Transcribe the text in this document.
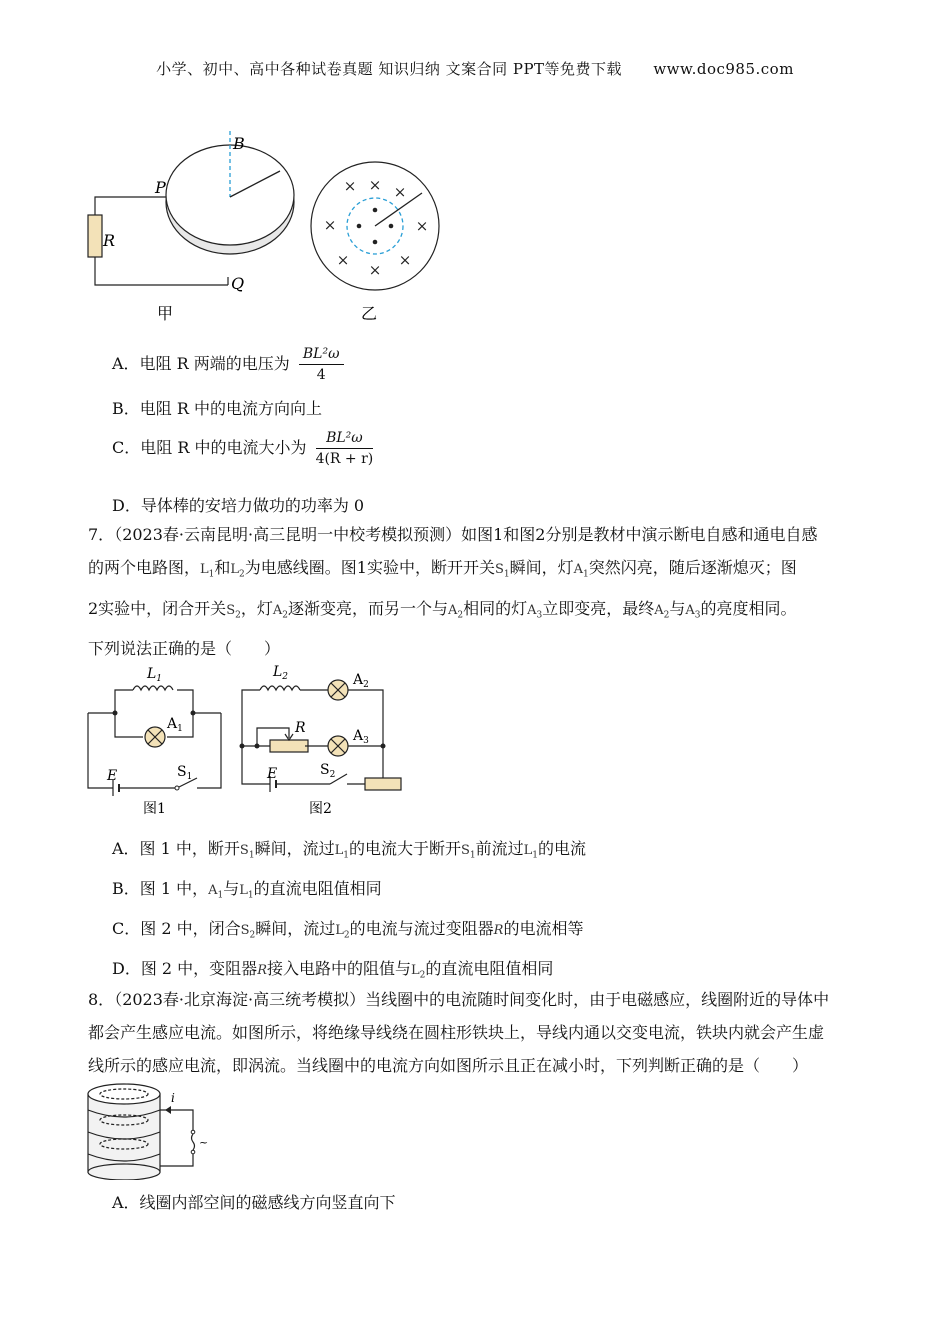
小学、初中、高中各种试卷真题 知识归纳 文案合同 PPT等免费下载 www.doc985.com
R
B
P
Q
甲
× × ×
×	×
×
×
×
乙
A．电阻 R 两端的电压为 $\frac{\text{BL²ω}}{4}$
B．电阻 R 中的电流方向向上
C．电阻 R 中的电流大小为 $\frac{\text{BL²ω}}{4(R + r)}$
D．导体棒的安培力做功的功率为 0
7．（2023春·云南昆明·高三昆明一中校考模拟预测）如图1和图2分别是教材中演示断电自感和通电自感
的两个电路图，$L_1$和$L_2$为电感线圈。图1实验中，断开开关$S_1$瞬间，灯$A_1$突然闪亮，随后逐渐熄灭；图
2实验中，闭合开关$S_2$，灯$A_2$逐渐变亮，而另一个与$A_2$相同的灯$A_3$立即变亮，最终$A_2$与$A_3$的亮度相同。
下列说法正确的是（　　）
$L_1$
$A_1$
E	$S_1$
图1
$L_2$	$A_2$
R	$A_3$
E	$S_2$
图2
A．图 1 中，断开$S_1$瞬间，流过$L_1$的电流大于断开$S_1$前流过$L_1$的电流
B．图 1 中，$A_1$与$L_1$的直流电阻值相同
C．图 2 中，闭合$S_2$瞬间，流过$L_2$的电流与流过变阻器R的电流相等
D．图 2 中，变阻器R接入电路中的阻值与$L_2$的直流电阻值相同
8．（2023春·北京海淀·高三统考模拟）当线圈中的电流随时间变化时，由于电磁感应，线圈附近的导体中
都会产生感应电流。如图所示，将绝缘导线绕在圆柱形铁块上，导线内通以交变电流，铁块内就会产生虚
线所示的感应电流，即涡流。当线圈中的电流方向如图所示且正在减小时，下列判断正确的是（　　）
i
~
A．线圈内部空间的磁感线方向竖直向下
